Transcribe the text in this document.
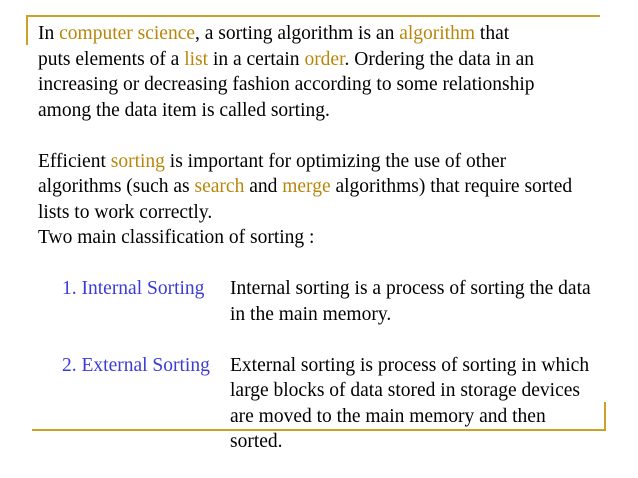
In computer science, a sorting algorithm is an algorithm that
puts elements of a list in a certain order. Ordering the data in an
increasing or decreasing fashion according to some relationship
among the data item is called sorting.

Efficient sorting is important for optimizing the use of other
algorithms (such as search and merge algorithms) that require sorted
lists to work correctly.
Two main classification of sorting :

1. Internal Sorting Internal sorting is a process of sorting the data
in the main memory.
2. External Sorting External sorting is process of sorting in which
large blocks of data stored in storage devices
are moved to the main memory and then
sorted.
